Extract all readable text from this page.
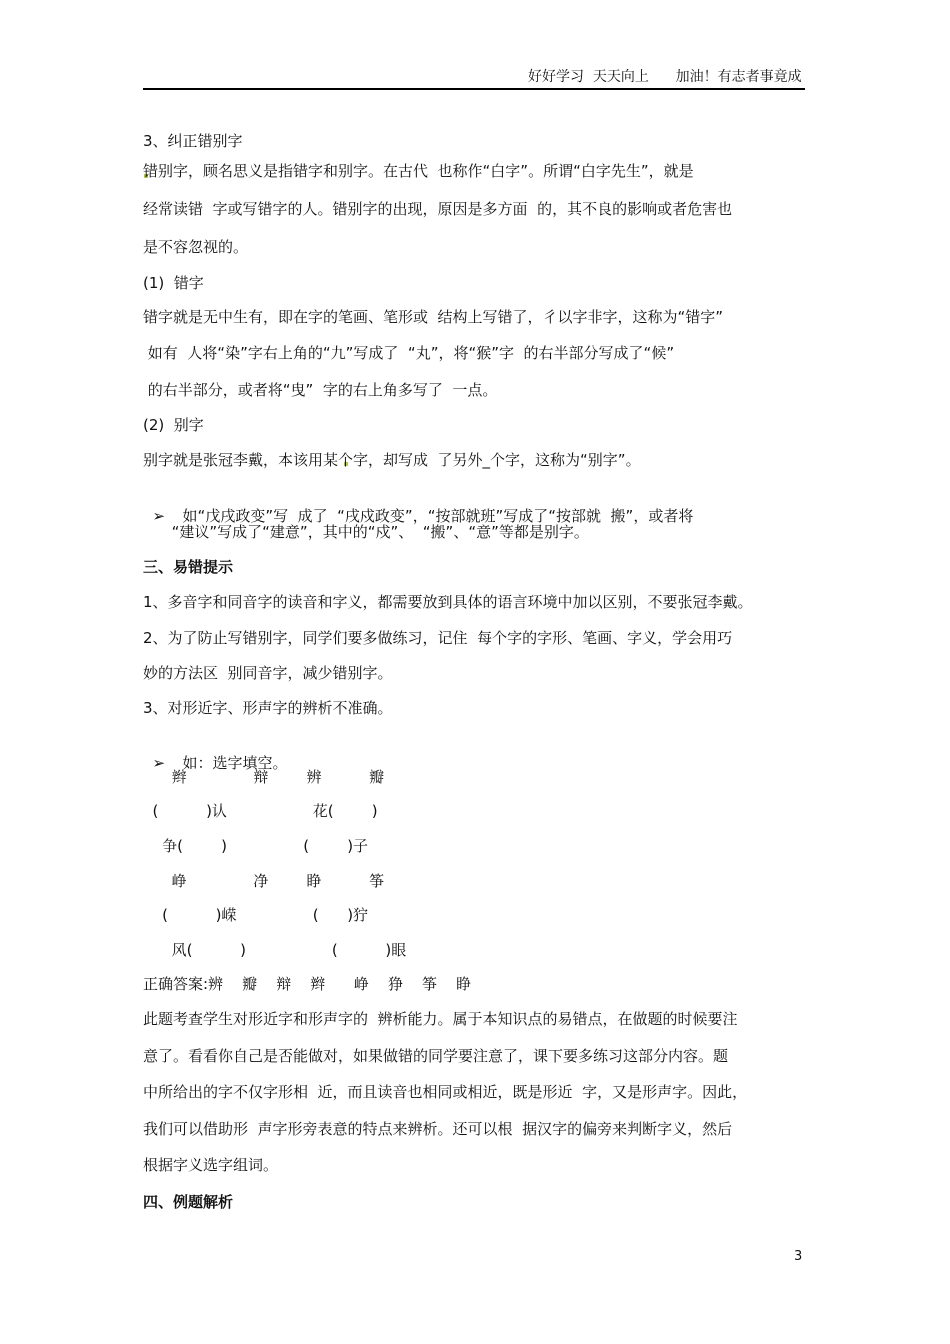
好好学习  天天向上      加油！有志者事竟成
3、纠正错别字
错别字，顾名思义是指错字和别字。在古代  也称作“白字”。所谓“白字先生”，就是
经常读错  字或写错字的人。错别字的出现，原因是多方面  的，其不良的影响或者危害也
是不容忽视的。
(1)  错字
错字就是无中生有，即在字的笔画、笔形或  结构上写错了，彳以字非字，这称为“错字”
如有  人将“染”字右上角的“九”写成了  “丸”，将“猴”字  的右半部分写成了“候”
的右半部分，或者将“曳”  字的右上角多写了  一点。
(2)  别字
别字就是张冠李戴，本该用某个字，却写成  了另外_个字，这称为“别字”。

➢ 如“戊戌政变”写  成了  “戌戍政变”，“按部就班”写成了“按部就  搬”，或者将

“建议”写成了“建意”，其中的“戍”、  “搬”、“意”等都是别字。
三、易错提示
1、多音字和同音字的读音和字义，都需要放到具体的语言环境中加以区别，不要张冠李戴。
2、为了防止写错别字，同学们要多做练习，记住  每个字的字形、笔画、字义，学会用巧
妙的方法区  别同音字，减少错别字。
3、对形近字、形声字的辨析不准确。

➢ 如：选字填空。

辫              辩        辨          瓣
(          )认                  花(        )
争(        )                (        )子
峥              净        睁          筝
(          )嵘                (      )狞
风(          )                  (          )眼
正确答案:辨    瓣    辩    辫      峥    狰    筝    睁
此题考查学生对形近字和形声字的  辨析能力。属于本知识点的易错点，在做题的时候要注
意了。看看你自己是否能做对，如果做错的同学要注意了，课下要多练习这部分内容。题
中所给出的字不仅字形相  近，而且读音也相同或相近，既是形近  字，又是形声字。因此，
我们可以借助形  声字形旁表意的特点来辨析。还可以根  据汉字的偏旁来判断字义，然后
根据字义选字组词。
四、例题解析
3
